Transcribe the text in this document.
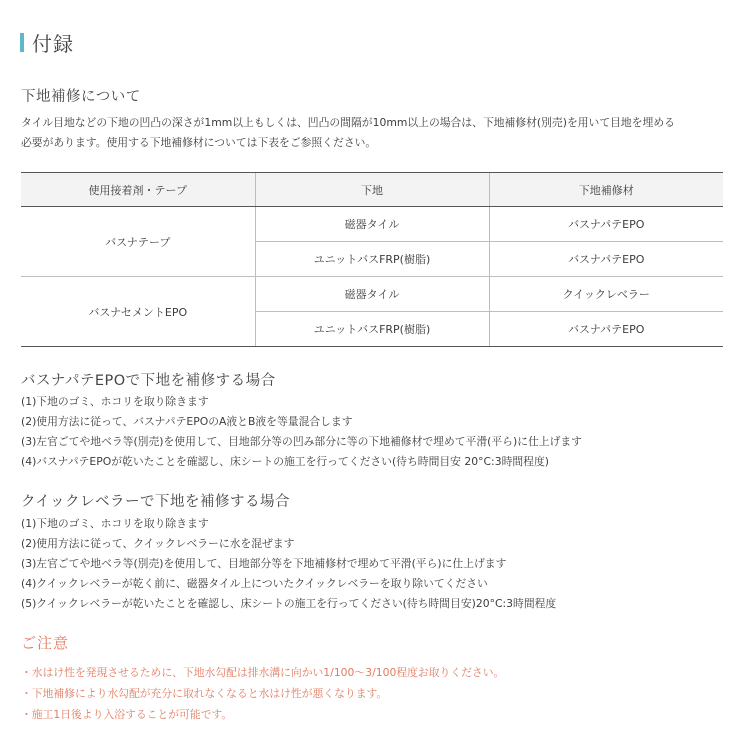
付録
下地補修について

タイル目地などの下地の凹凸の深さが1mm以上もしくは、凹凸の間隔が10mm以上の場合は、下地補修材(別売)を用いて目地を埋める

必要があります。使用する下地補修材については下表をご参照ください。

使用接着剤・テープ	下地	下地補修材
バスナテープ	磁器タイル	バスナパテEPO
	ユニットバスFRP(樹脂)	バスナパテEPO
バスナセメントEPO	磁器タイル	クイックレベラー
	ユニットバスFRP(樹脂)	バスナパテEPO
バスナパテEPOで下地を補修する場合
(1)下地のゴミ、ホコリを取り除きます
(2)使用方法に従って、バスナパテEPOのA液とB液を等量混合します
(3)左官ごてや地ベラ等(別売)を使用して、目地部分等の凹み部分に等の下地補修材で埋めて平滑(平ら)に仕上げます
(4)バスナパテEPOが乾いたことを確認し、床シートの施工を行ってください(待ち時間目安 20°C:3時間程度)
クイックレベラーで下地を補修する場合
(1)下地のゴミ、ホコリを取り除きます
(2)使用方法に従って、クイックレベラーに水を混ぜます
(3)左官ごてや地ベラ等(別売)を使用して、目地部分等を下地補修材で埋めて平滑(平ら)に仕上げます
(4)クイックレベラーが乾く前に、磁器タイル上についたクイックレベラーを取り除いてください
(5)クイックレベラーが乾いたことを確認し、床シートの施工を行ってください(待ち時間目安)20°C:3時間程度
ご注意
・水はけ性を発現させるために、下地水勾配は排水溝に向かい1/100〜3/100程度お取りください。
・下地補修により水勾配が充分に取れなくなると水はけ性が悪くなります。
・施工1日後より入浴することが可能です。
